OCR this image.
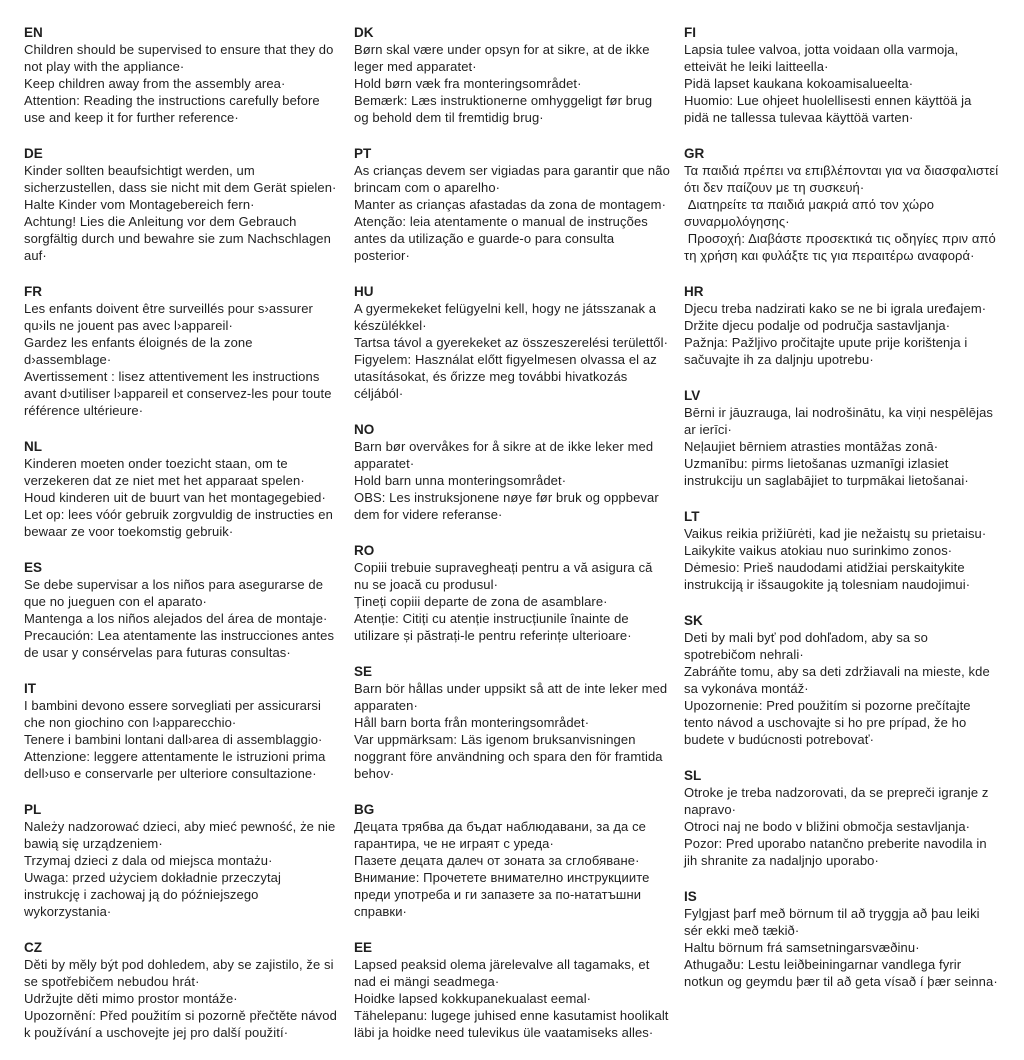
EN
Children should be supervised to ensure that they do not play with the appliance·
Keep children away from the assembly area·
Attention: Reading the instructions carefully before use and keep it for further reference·
DE
Kinder sollten beaufsichtigt werden, um sicherzustellen, dass sie nicht mit dem Gerät spielen·
Halte Kinder vom Montagebereich fern·
Achtung! Lies die Anleitung vor dem Gebrauch sorgfältig durch und bewahre sie zum Nachschlagen auf·
FR
Les enfants doivent être surveillés pour s›assurer qu›ils ne jouent pas avec l›appareil·
Gardez les enfants éloignés de la zone d›assemblage·
Avertissement : lisez attentivement les instructions avant d›utiliser l›appareil et conservez-les pour toute référence ultérieure·
NL
Kinderen moeten onder toezicht staan, om te verzekeren dat ze niet met het apparaat spelen·
Houd kinderen uit de buurt van het montagegebied·
Let op: lees vóór gebruik zorgvuldig de instructies en bewaar ze voor toekomstig gebruik·
ES
Se debe supervisar a los niños para asegurarse de que no jueguen con el aparato·
Mantenga a los niños alejados del área de montaje·
Precaución: Lea atentamente las instrucciones antes de usar y consérvelas para futuras consultas·
IT
I bambini devono essere sorvegliati per assicurarsi che non giochino con l›apparecchio·
Tenere i bambini lontani dall›area di assemblaggio·
Attenzione: leggere attentamente le istruzioni prima dell›uso e conservarle per ulteriore consultazione·
PL
Należy nadzorować dzieci, aby mieć pewność, że nie bawią się urządzeniem·
Trzymaj dzieci z dala od miejsca montażu·
Uwaga: przed użyciem dokładnie przeczytaj instrukcję i zachowaj ją do późniejszego wykorzystania·
CZ
Děti by měly být pod dohledem, aby se zajistilo, že si se spotřebičem nebudou hrát·
Udržujte děti mimo prostor montáže·
Upozornění: Před použitím si pozorně přečtěte návod k používání a uschovejte jej pro další použití·
DK
Børn skal være under opsyn for at sikre, at de ikke leger med apparatet·
Hold børn væk fra monteringsområdet·
Bemærk: Læs instruktionerne omhyggeligt før brug og behold dem til fremtidig brug·
PT
As crianças devem ser vigiadas para garantir que não brincam com o aparelho·
Manter as crianças afastadas da zona de montagem·
Atenção: leia atentamente o manual de instruções antes da utilização e guarde-o para consulta posterior·
HU
A gyermekeket felügyelni kell, hogy ne játsszanak a készülékkel·
Tartsa távol a gyerekeket az összeszerelési területtől·
Figyelem: Használat előtt figyelmesen olvassa el az utasításokat, és őrizze meg további hivatkozás céljából·
NO
Barn bør overvåkes for å sikre at de ikke leker med apparatet·
Hold barn unna monteringsområdet·
OBS: Les instruksjonene nøye før bruk og oppbevar dem for videre referanse·
RO
Copiii trebuie supravegheați pentru a vă asigura că nu se joacă cu produsul·
Țineți copiii departe de zona de asamblare·
Atenție: Citiți cu atenție instrucțiunile înainte de utilizare și păstrați-le pentru referințe ulterioare·
SE
Barn bör hållas under uppsikt så att de inte leker med apparaten·
Håll barn borta från monteringsområdet·
Var uppmärksam: Läs igenom bruksanvisningen noggrant före användning och spara den för framtida behov·
BG
Децата трябва да бъдат наблюдавани, за да се гарантира, че не играят с уреда·
Пазете децата далеч от зоната за сглобяване·
Внимание: Прочетете внимателно инструкциите преди употреба и ги запазете за по-нататъшни справки·
EE
Lapsed peaksid olema järelevalve all tagamaks, et nad ei mängi seadmega·
Hoidke lapsed kokkupanekualast eemal·
Tähelepanu: lugege juhised enne kasutamist hoolikalt läbi ja hoidke need tulevikus üle vaatamiseks alles·
FI
Lapsia tulee valvoa, jotta voidaan olla varmoja, etteivät he leiki laitteella·
Pidä lapset kaukana kokoamisalueelta·
Huomio: Lue ohjeet huolellisesti ennen käyttöä ja pidä ne tallessa tulevaa käyttöä varten·
GR
Τα παιδιά πρέπει να επιβλέπονται για να διασφαλιστεί ότι δεν παίζουν με τη συσκευή·
Διατηρείτε τα παιδιά μακριά από τον χώρο συναρμολόγησης·
Προσοχή: Διαβάστε προσεκτικά τις οδηγίες πριν από τη χρήση και φυλάξτε τις για περαιτέρω αναφορά·
HR
Djecu treba nadzirati kako se ne bi igrala uređajem·
Držite djecu podalje od područja sastavljanja·
Pažnja: Pažljivo pročitajte upute prije korištenja i sačuvajte ih za daljnju upotrebu·
LV
Bērni ir jāuzrauga, lai nodrošinātu, ka viņi nespēlējas ar ierīci·
Neļaujiet bērniem atrasties montāžas zonā·
Uzmanību: pirms lietošanas uzmanīgi izlasiet instrukciju un saglabājiet to turpmākai lietošanai·
LT
Vaikus reikia prižiūrėti, kad jie nežaistų su prietaisu·
Laikykite vaikus atokiau nuo surinkimo zonos·
Dėmesio: Prieš naudodami atidžiai perskaitykite instrukciją ir išsaugokite ją tolesniam naudojimui·
SK
Deti by mali byť pod dohľadom, aby sa so spotrebičom nehrali·
Zabráňte tomu, aby sa deti zdržiavali na mieste, kde sa vykonáva montáž·
Upozornenie: Pred použitím si pozorne prečítajte tento návod a uschovajte si ho pre prípad, že ho budete v budúcnosti potrebovať·
SL
Otroke je treba nadzorovati, da se prepreči igranje z napravo·
Otroci naj ne bodo v bližini območja sestavljanja·
Pozor: Pred uporabo natančno preberite navodila in jih shranite za nadaljnjo uporabo·
IS
Fylgjast þarf með börnum til að tryggja að þau leiki sér ekki með tækið·
Haltu börnum frá samsetningarsvæðinu·
Athugaðu: Lestu leiðbeiningarnar vandlega fyrir notkun og geymdu þær til að geta vísað í þær seinna·
